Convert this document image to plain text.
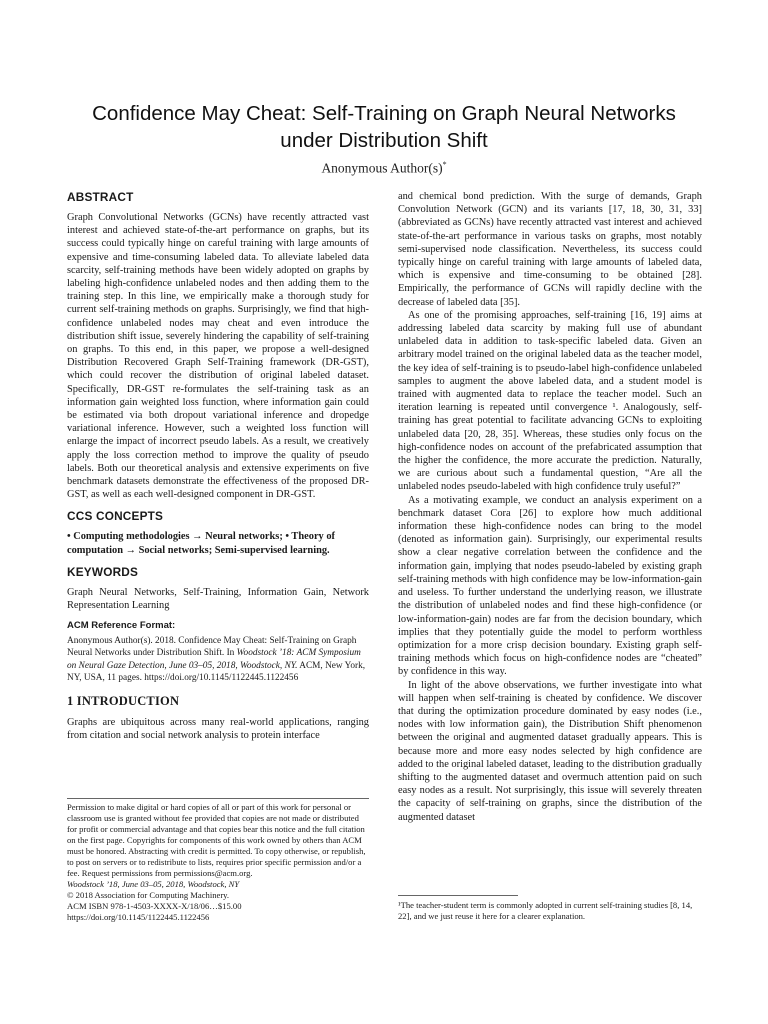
Confidence May Cheat: Self-Training on Graph Neural Networks
under Distribution Shift
Anonymous Author(s)*
ABSTRACT

Graph Convolutional Networks (GCNs) have recently attracted vast interest and achieved state-of-the-art performance on graphs, but its success could typically hinge on careful training with large amounts of expensive and time-consuming labeled data. To alleviate labeled data scarcity, self-training methods have been widely adopted on graphs by labeling high-confidence unlabeled nodes and then adding them to the training step. In this line, we empirically make a thorough study for current self-training methods on graphs. Surprisingly, we find that high-confidence unlabeled nodes may cheat and even introduce the distribution shift issue, severely hindering the capability of self-training on graphs. To this end, in this paper, we propose a well-designed Distribution Recovered Graph Self-Training framework (DR-GST), which could recover the distribution of original labeled dataset. Specifically, DR-GST re-formulates the self-training task as an information gain weighted loss function, where information gain could be estimated via both dropout variational inference and dropedge variational inference. However, such a weighted loss function will enlarge the impact of incorrect pseudo labels. As a result, we creatively apply the loss correction method to improve the quality of pseudo labels. Both our theoretical analysis and extensive experiments on five benchmark datasets demonstrate the effectiveness of the proposed DR-GST, as well as each well-designed component in DR-GST.

CCS CONCEPTS

• Computing methodologies → Neural networks; • Theory of computation → Social networks; Semi-supervised learning.

KEYWORDS

Graph Neural Networks, Self-Training, Information Gain, Network Representation Learning

ACM Reference Format:

Anonymous Author(s). 2018. Confidence May Cheat: Self-Training on Graph Neural Networks under Distribution Shift. In Woodstock ’18: ACM Symposium on Neural Gaze Detection, June 03–05, 2018, Woodstock, NY. ACM, New York, NY, USA, 11 pages. https://doi.org/10.1145/1122445.1122456

1 INTRODUCTION

Graphs are ubiquitous across many real-world applications, ranging from citation and social network analysis to protein interface

Permission to make digital or hard copies of all or part of this work for personal or classroom use is granted without fee provided that copies are not made or distributed for profit or commercial advantage and that copies bear this notice and the full citation on the first page. Copyrights for components of this work owned by others than ACM must be honored. Abstracting with credit is permitted. To copy otherwise, or republish, to post on servers or to redistribute to lists, requires prior specific permission and/or a fee. Request permissions from permissions@acm.org.

Woodstock ’18, June 03–05, 2018, Woodstock, NY

© 2018 Association for Computing Machinery.

ACM ISBN 978-1-4503-XXXX-X/18/06…$15.00

https://doi.org/10.1145/1122445.1122456

and chemical bond prediction. With the surge of demands, Graph Convolution Network (GCN) and its variants [17, 18, 30, 31, 33] (abbreviated as GCNs) have recently attracted vast interest and achieved state-of-the-art performance in various tasks on graphs, most notably semi-supervised node classification. Nevertheless, its success could typically hinge on careful training with large amounts of labeled data, which is expensive and time-consuming to be obtained [28]. Empirically, the performance of GCNs will rapidly decline with the decrease of labeled data [35].

As one of the promising approaches, self-training [16, 19] aims at addressing labeled data scarcity by making full use of abundant unlabeled data in addition to task-specific labeled data. Given an arbitrary model trained on the original labeled data as the teacher model, the key idea of self-training is to pseudo-label high-confidence unlabeled samples to augment the above labeled data, and a student model is trained with augmented data to replace the teacher model. Such an iteration learning is repeated until convergence ¹. Analogously, self-training has great potential to facilitate advancing GCNs to exploiting unlabeled data [20, 28, 35]. Whereas, these studies only focus on the high-confidence nodes on account of the prefabricated assumption that the higher the confidence, the more accurate the prediction. Naturally, we are curious about such a fundamental question, “Are all the unlabeled nodes pseudo-labeled with high confidence truly useful?”

As a motivating example, we conduct an analysis experiment on a benchmark dataset Cora [26] to explore how much additional information these high-confidence nodes can bring to the model (denoted as information gain). Surprisingly, our experimental results show a clear negative correlation between the confidence and the information gain, implying that nodes pseudo-labeled by existing graph self-training methods with high confidence may be low-information-gain and useless. To further understand the underlying reason, we illustrate the distribution of unlabeled nodes and find these high-confidence (or low-information-gain) nodes are far from the decision boundary, which implies that they potentially guide the model to perform worthless optimization for a more crisp decision boundary. Existing graph self-training methods which focus on high-confidence nodes are “cheated” by confidence in this way.

In light of the above observations, we further investigate into what will happen when self-training is cheated by confidence. We discover that during the optimization procedure dominated by easy nodes (i.e., nodes with low information gain), the Distribution Shift phenomenon between the original and augmented dataset gradually appears. This is because more and more easy nodes selected by high confidence are added to the original labeled dataset, leading to the distribution gradually shifting to the augmented dataset and overmuch attention paid on such easy nodes as a result. Not surprisingly, this issue will severely threaten the capacity of self-training on graphs, since the distribution of the augmented dataset

¹The teacher-student term is commonly adopted in current self-training studies [8, 14, 22], and we just reuse it here for a clearer explanation.
